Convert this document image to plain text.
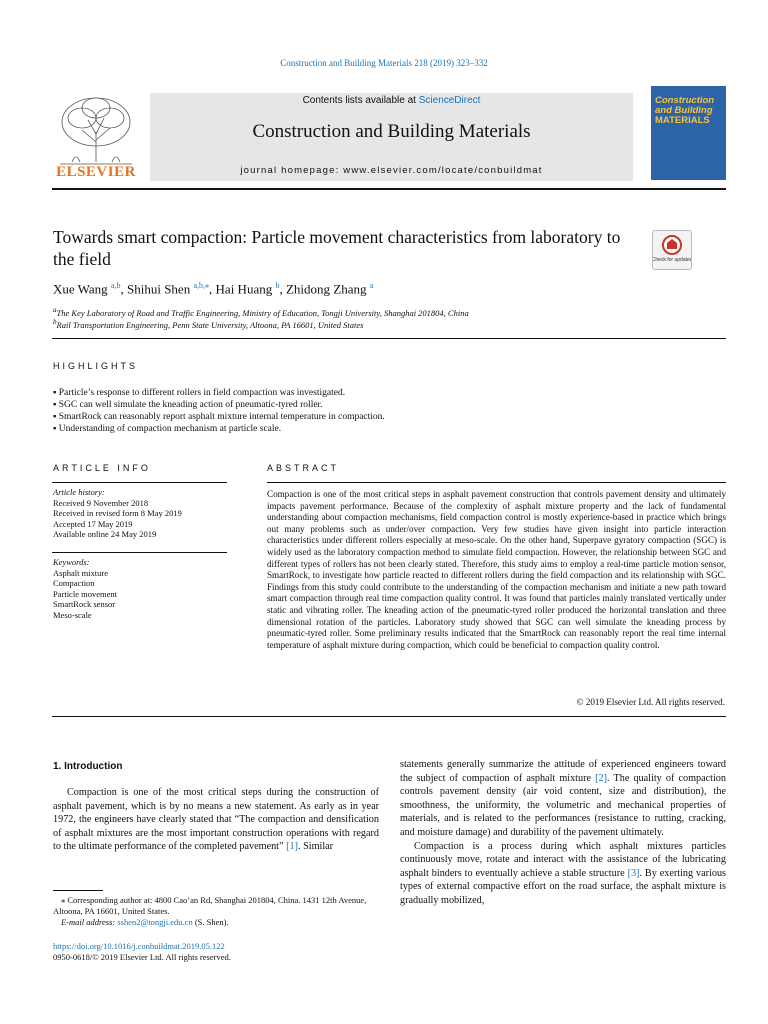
Construction and Building Materials 218 (2019) 323–332
ELSEVIER
Contents lists available at ScienceDirect
Construction and Building Materials
journal homepage: www.elsevier.com/locate/conbuildmat
Construction
and Building
MATERIALS
Towards smart compaction: Particle movement characteristics from laboratory to the field	Check for updates
Xue Wang $^{a,b}$, Shihui Shen $^{a,b,⁎}$, Hai Huang $^b$, Zhidong Zhang $^a$
$^a$The Key Laboratory of Road and Traffic Engineering, Ministry of Education, Tongji University, Shanghai 201804, China
$^b$Rail Transportation Engineering, Penn State University, Altoona, PA 16601, United States
HIGHLIGHTS
▪ Particle’s response to different rollers in field compaction was investigated.
▪ SGC can well simulate the kneading action of pneumatic-tyred roller.
▪ SmartRock can reasonably report asphalt mixture internal temperature in compaction.
▪ Understanding of compaction mechanism at particle scale.
ARTICLE INFO
Article history:
Received 9 November 2018
Received in revised form 8 May 2019
Accepted 17 May 2019
Available online 24 May 2019
Keywords:
Asphalt mixture
Compaction
Particle movement
SmartRock sensor
Meso-scale
ABSTRACT
Compaction is one of the most critical steps in asphalt pavement construction that controls pavement density and ultimately impacts pavement performance. Because of the complexity of asphalt mixture property and the lack of fundamental understanding about compaction mechanisms, field compaction control is mostly experience-based in practice which brings out many problems such as under/over compaction. Very few studies have given insight into particle interaction characteristics under different rollers especially at meso-scale. On the other hand, Superpave gyratory compaction (SGC) is widely used as the laboratory compaction method to simulate field compaction. However, the relationship between SGC and different types of rollers has not been clearly stated. Therefore, this study aims to employ a real-time particle motion sensor, SmartRock, to investigate how particle reacted to different rollers during the field compaction and its relationship with SGC. Findings from this study could contribute to the understanding of the compaction mechanism and initiate a new path toward smart compaction through real time compaction quality control. It was found that particles mainly translated vertically under static and vibrating roller. The kneading action of the pneumatic-tyred roller produced the horizontal translation and three dimensional rotation of the particles. Laboratory study showed that SGC can well simulate the kneading process by pneumatic-tyred roller. Some preliminary results indicated that the SmartRock can reasonably report the real time internal temperature of asphalt mixture during compaction, which could be beneficial to compaction quality control.
© 2019 Elsevier Ltd. All rights reserved.
1. Introduction

Compaction is one of the most critical steps during the construction of asphalt pavement, which is by no means a new statement. As early as in year 1972, the engineers have clearly stated that “The compaction and densification of asphalt mixtures are the most important construction operations with regard to the ultimate performance of the completed pavement” [1]. Similar

⁎ Corresponding author at: 4800 Cao’an Rd, Shanghai 201804, China. 1431 12th Avenue, Altoona, PA 16601, United States.
E-mail address: sshen2@tongji.edu.cn (S. Shen).
https://doi.org/10.1016/j.conbuildmat.2019.05.122
0950-0618/© 2019 Elsevier Ltd. All rights reserved.

statements generally summarize the attitude of experienced engineers toward the subject of compaction of asphalt mixture [2]. The quality of compaction controls pavement density (air void content, size and distribution), the smoothness, the uniformity, the volumetric and mechanical properties of materials, and is related to the performances (resistance to rutting, cracking, and moisture damage) and durability of the pavement ultimately.

Compaction is a process during which asphalt mixtures particles continuously move, rotate and interact with the assistance of the lubricating asphalt binders to eventually achieve a stable structure [3]. By exerting various types of external compactive effort on the road surface, the asphalt mixture is gradually mobilized,
